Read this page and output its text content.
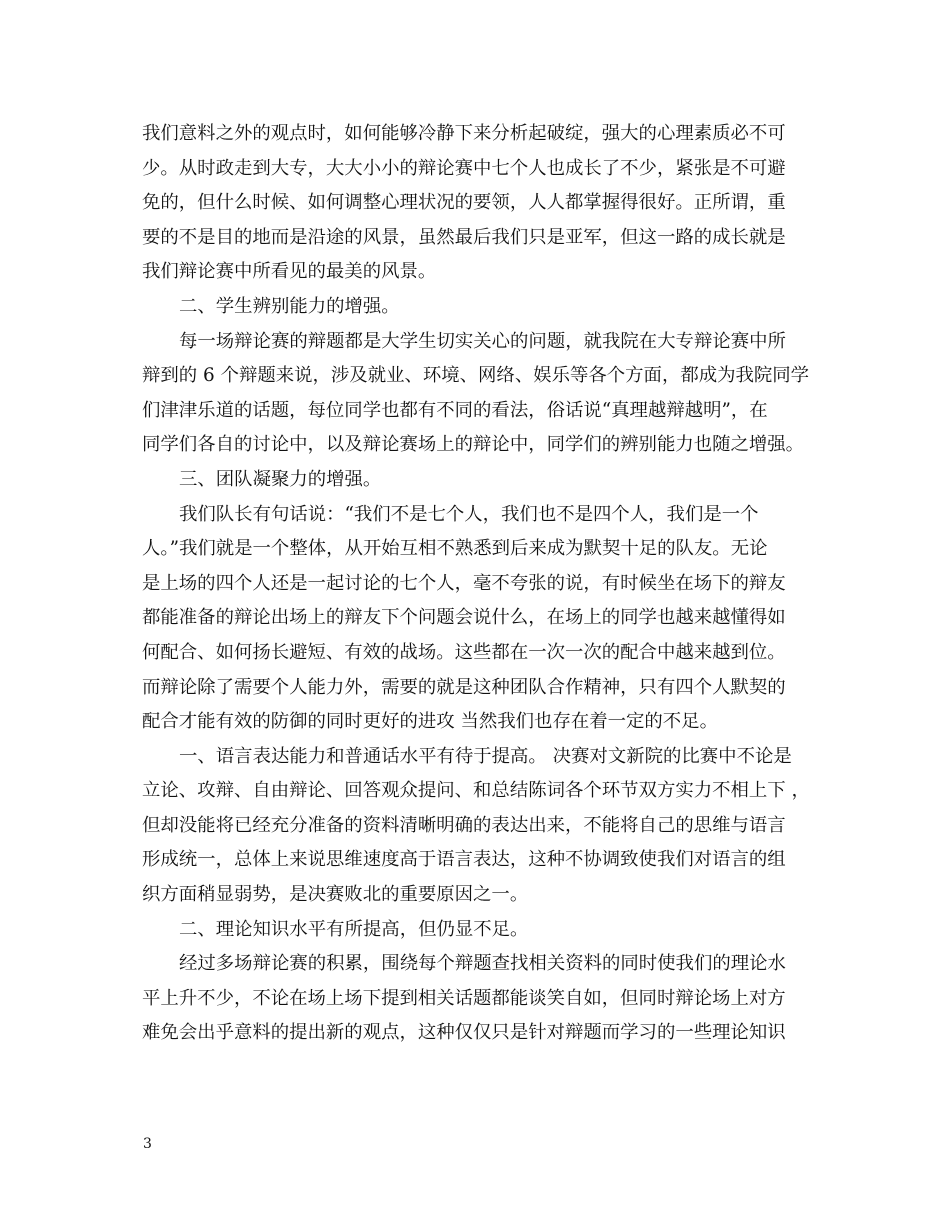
我们意料之外的观点时，如何能够冷静下来分析起破绽，强大的心理素质必不可
少。从时政走到大专，大大小小的辩论赛中七个人也成长了不少，紧张是不可避
免的，但什么时候、如何调整心理状况的要领，人人都掌握得很好。正所谓，重
要的不是目的地而是沿途的风景，虽然最后我们只是亚军，但这一路的成长就是
我们辩论赛中所看见的最美的风景。

二、学生辨别能力的增强。

每一场辩论赛的辩题都是大学生切实关心的问题，就我院在大专辩论赛中所
辩到的 6 个辩题来说，涉及就业、环境、网络、娱乐等各个方面，都成为我院同学
们津津乐道的话题，每位同学也都有不同的看法，俗话说“真理越辩越明”，在
同学们各自的讨论中，以及辩论赛场上的辩论中，同学们的辨别能力也随之增强。

三、团队凝聚力的增强。

我们队长有句话说：“我们不是七个人，我们也不是四个人，我们是一个
人。”我们就是一个整体，从开始互相不熟悉到后来成为默契十足的队友。无论
是上场的四个人还是一起讨论的七个人，毫不夸张的说，有时候坐在场下的辩友
都能准备的辩论出场上的辩友下个问题会说什么，在场上的同学也越来越懂得如
何配合、如何扬长避短、有效的战场。这些都在一次一次的配合中越来越到位。
而辩论除了需要个人能力外，需要的就是这种团队合作精神，只有四个人默契的
配合才能有效的防御的同时更好的进攻 当然我们也存在着一定的不足。

一、语言表达能力和普通话水平有待于提高。 决赛对文新院的比赛中不论是
立论、攻辩、自由辩论、回答观众提问、和总结陈词各个环节双方实力不相上下 ，
但却没能将已经充分准备的资料清晰明确的表达出来，不能将自己的思维与语言
形成统一，总体上来说思维速度高于语言表达，这种不协调致使我们对语言的组
织方面稍显弱势，是决赛败北的重要原因之一。

二、理论知识水平有所提高，但仍显不足。

经过多场辩论赛的积累，围绕每个辩题查找相关资料的同时使我们的理论水
平上升不少，不论在场上场下提到相关话题都能谈笑自如，但同时辩论场上对方
难免会出乎意料的提出新的观点，这种仅仅只是针对辩题而学习的一些理论知识

3
